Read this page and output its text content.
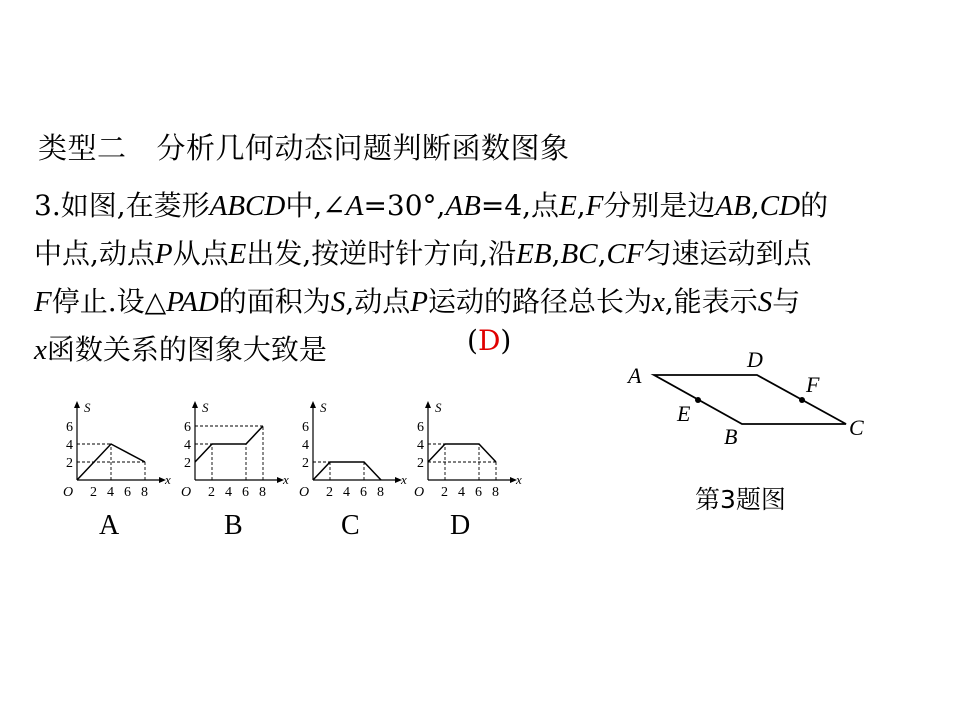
类型二 分析几何动态问题判断函数图象
3.如图,在菱形ABCD中,∠A=30°,AB=4,点E,F分别是边AB,CD的
中点,动点P从点E出发,按逆时针方向,沿EB,BC,CF匀速运动到点
F停止.设△PAD的面积为S,动点P运动的路径总长为x,能表示S与
x函数关系的图象大致是	(D)
S
x
O
2
4
6
2 4 6 8
S
x
O
2
4
6
2 4 6 8
S
x
O
2
4
6
2 4 6 8
S
x
O
2
4
6
2 4 6 8
A	B	C	D
A
D
C
B
E
F
第3题图
